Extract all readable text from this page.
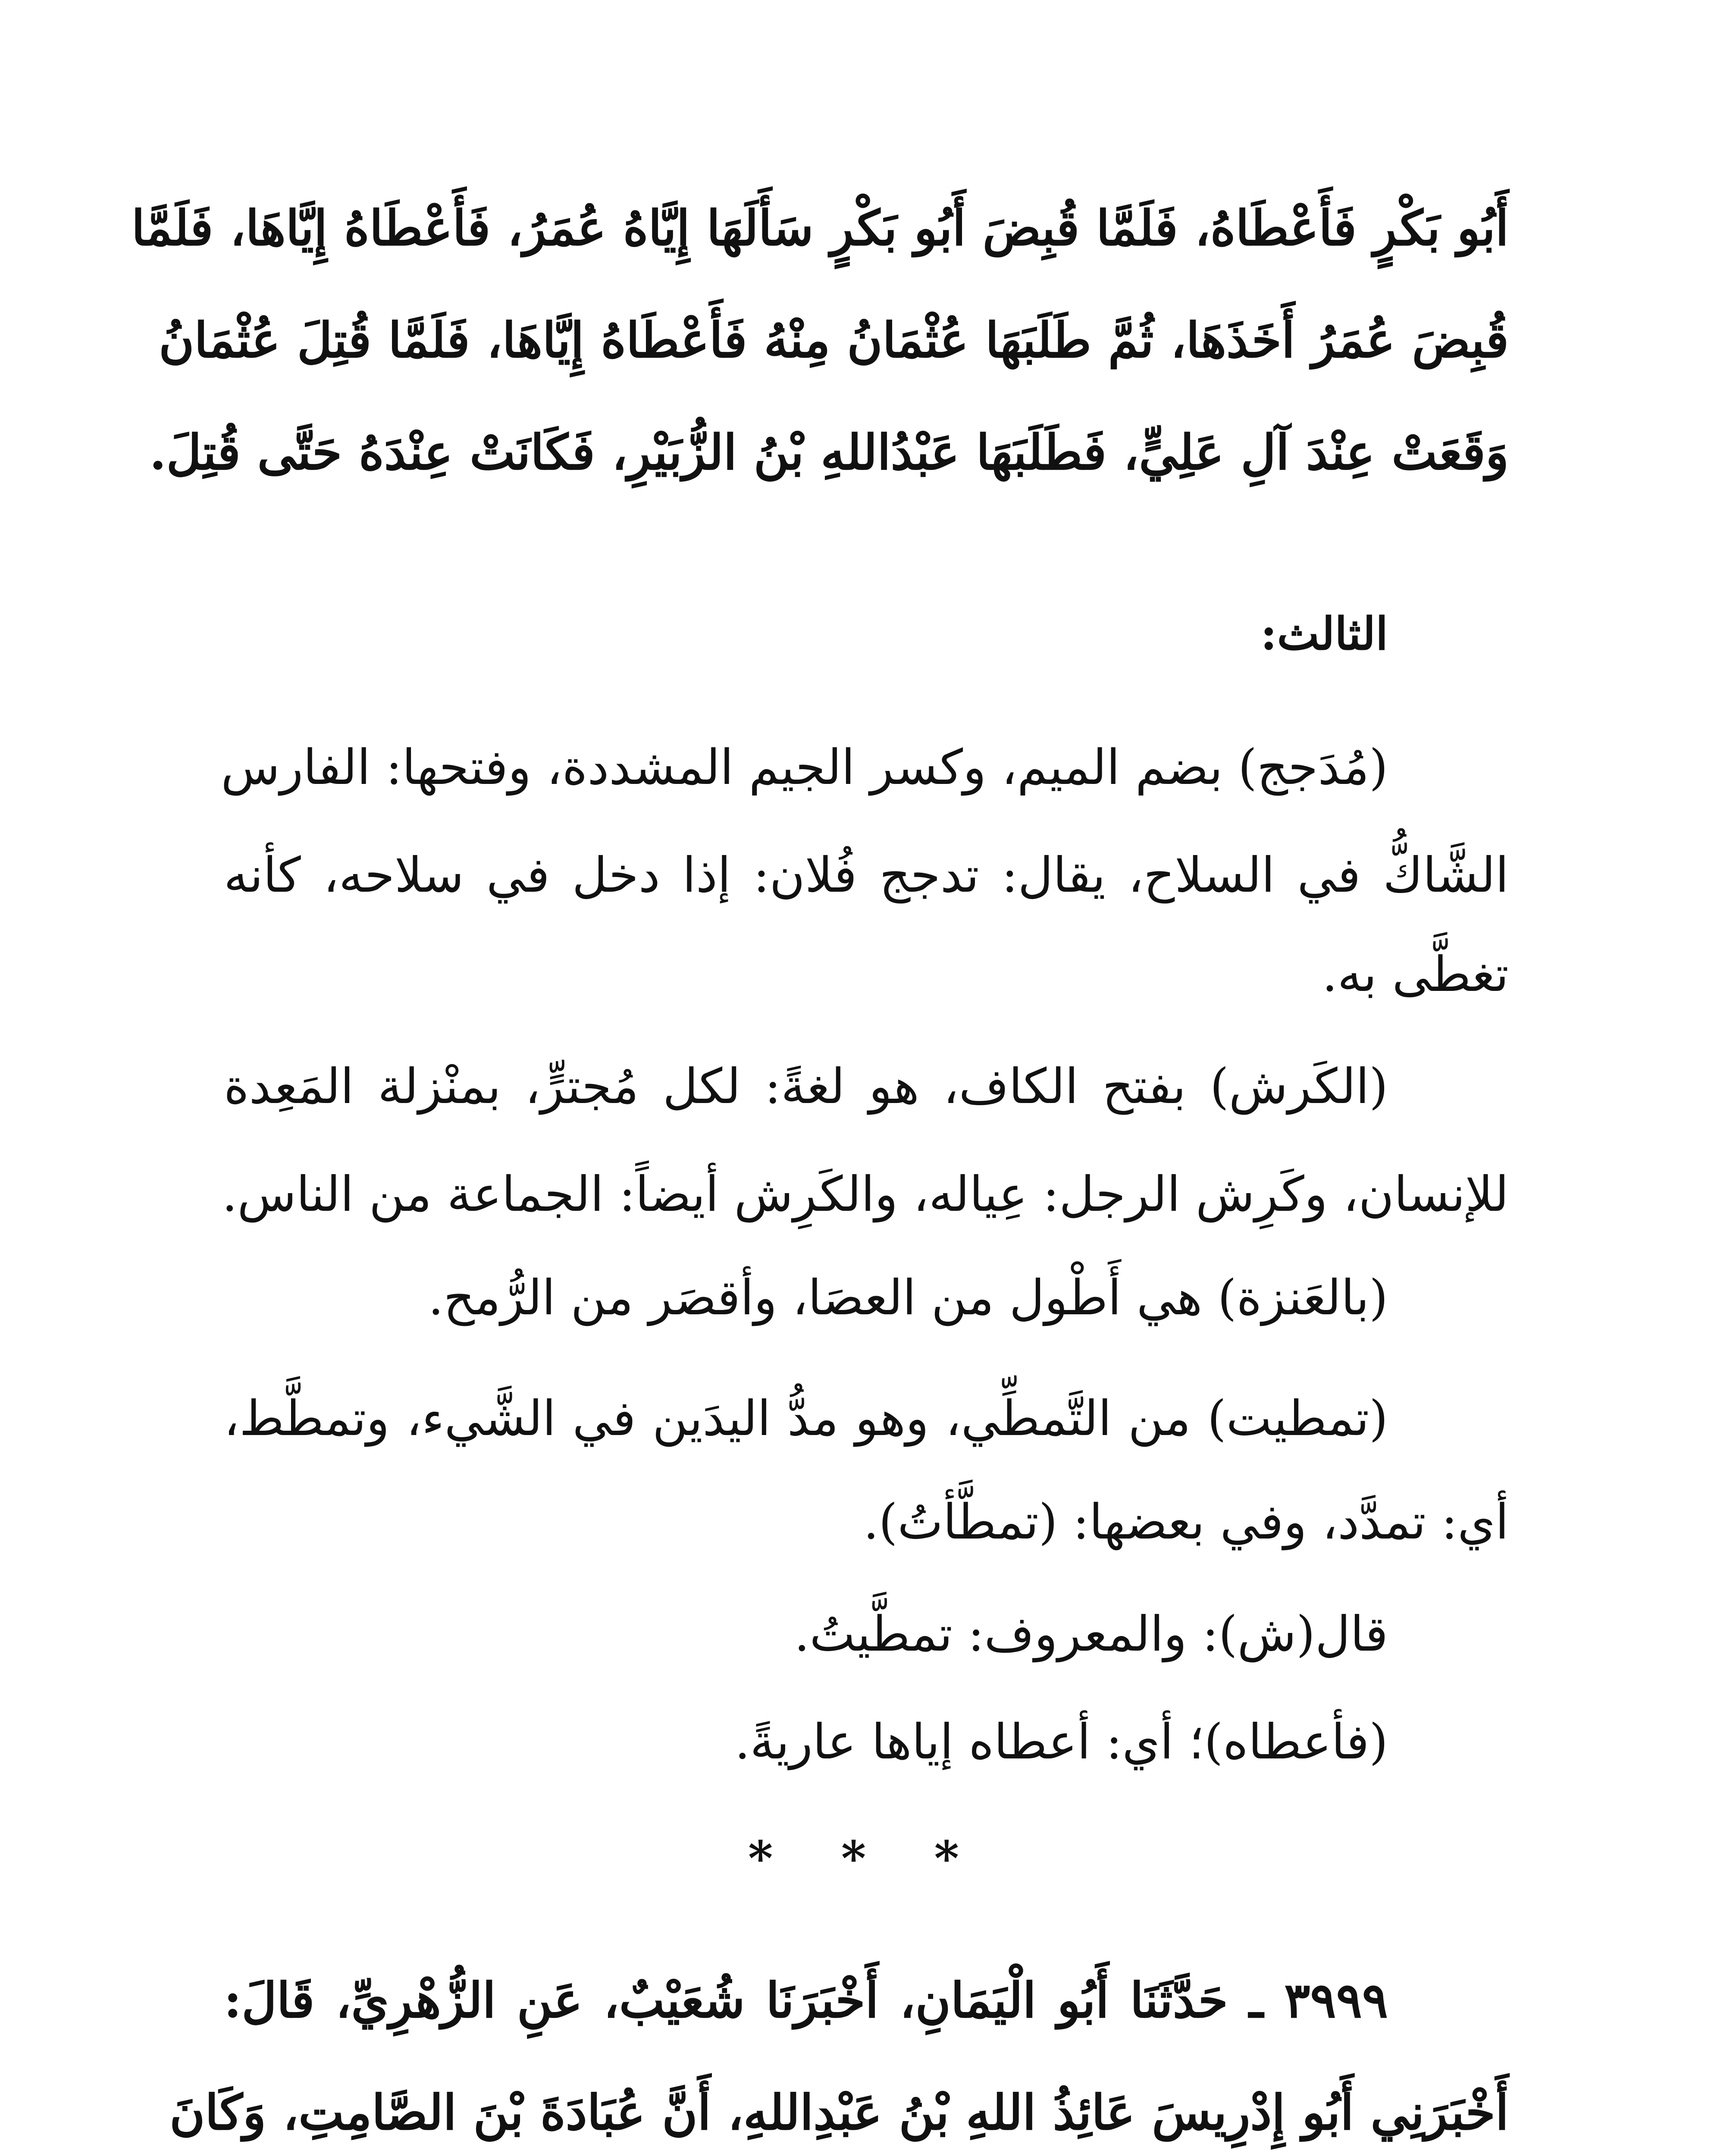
أَبُو بَكْرٍ فَأَعْطَاهُ، فَلَمَّا قُبِضَ أَبُو بَكْرٍ سَأَلَهَا إِيَّاهُ عُمَرُ، فَأَعْطَاهُ إِيَّاهَا، فَلَمَّا
قُبِضَ عُمَرُ أَخَذَهَا، ثُمَّ طَلَبَهَا عُثْمَانُ مِنْهُ فَأَعْطَاهُ إِيَّاهَا، فَلَمَّا قُتِلَ عُثْمَانُ
وَقَعَتْ عِنْدَ آلِ عَلِيٍّ، فَطَلَبَهَا عَبْدُاللهِ بْنُ الزُّبَيْرِ، فَكَانَتْ عِنْدَهُ حَتَّى قُتِلَ.
الثالث:
(مُدَجج) بضم الميم، وكسر الجيم المشددة، وفتحها: الفارس
الشَّاكُّ في السلاح، يقال: تدجج فُلان: إذا دخل في سلاحه، كأنه
تغطَّى به.
(الكَرش) بفتح الكاف، هو لغةً: لكل مُجترٍّ، بمنْزلة المَعِدة
للإنسان، وكَرِش الرجل: عِياله، والكَرِش أيضاً: الجماعة من الناس.
(بالعَنزة) هي أَطْول من العصَا، وأقصَر من الرُّمح.
(تمطيت) من التَّمطِّي، وهو مدُّ اليدَين في الشَّيء، وتمطَّط،
أي: تمدَّد، وفي بعضها: (تمطَّأتُ).
قال(ش): والمعروف: تمطَّيتُ.
(فأعطاه)؛ أي: أعطاه إياها عاريةً.
* * *
٣٩٩٩ ـ حَدَّثَنَا أَبُو الْيَمَانِ، أَخْبَرَنَا شُعَيْبٌ، عَنِ الزُّهْرِيِّ، قَالَ:
أَخْبَرَنِي أَبُو إِدْرِيسَ عَائِذُ اللهِ بْنُ عَبْدِاللهِ، أَنَّ عُبَادَةَ بْنَ الصَّامِتِ، وَكَانَ
